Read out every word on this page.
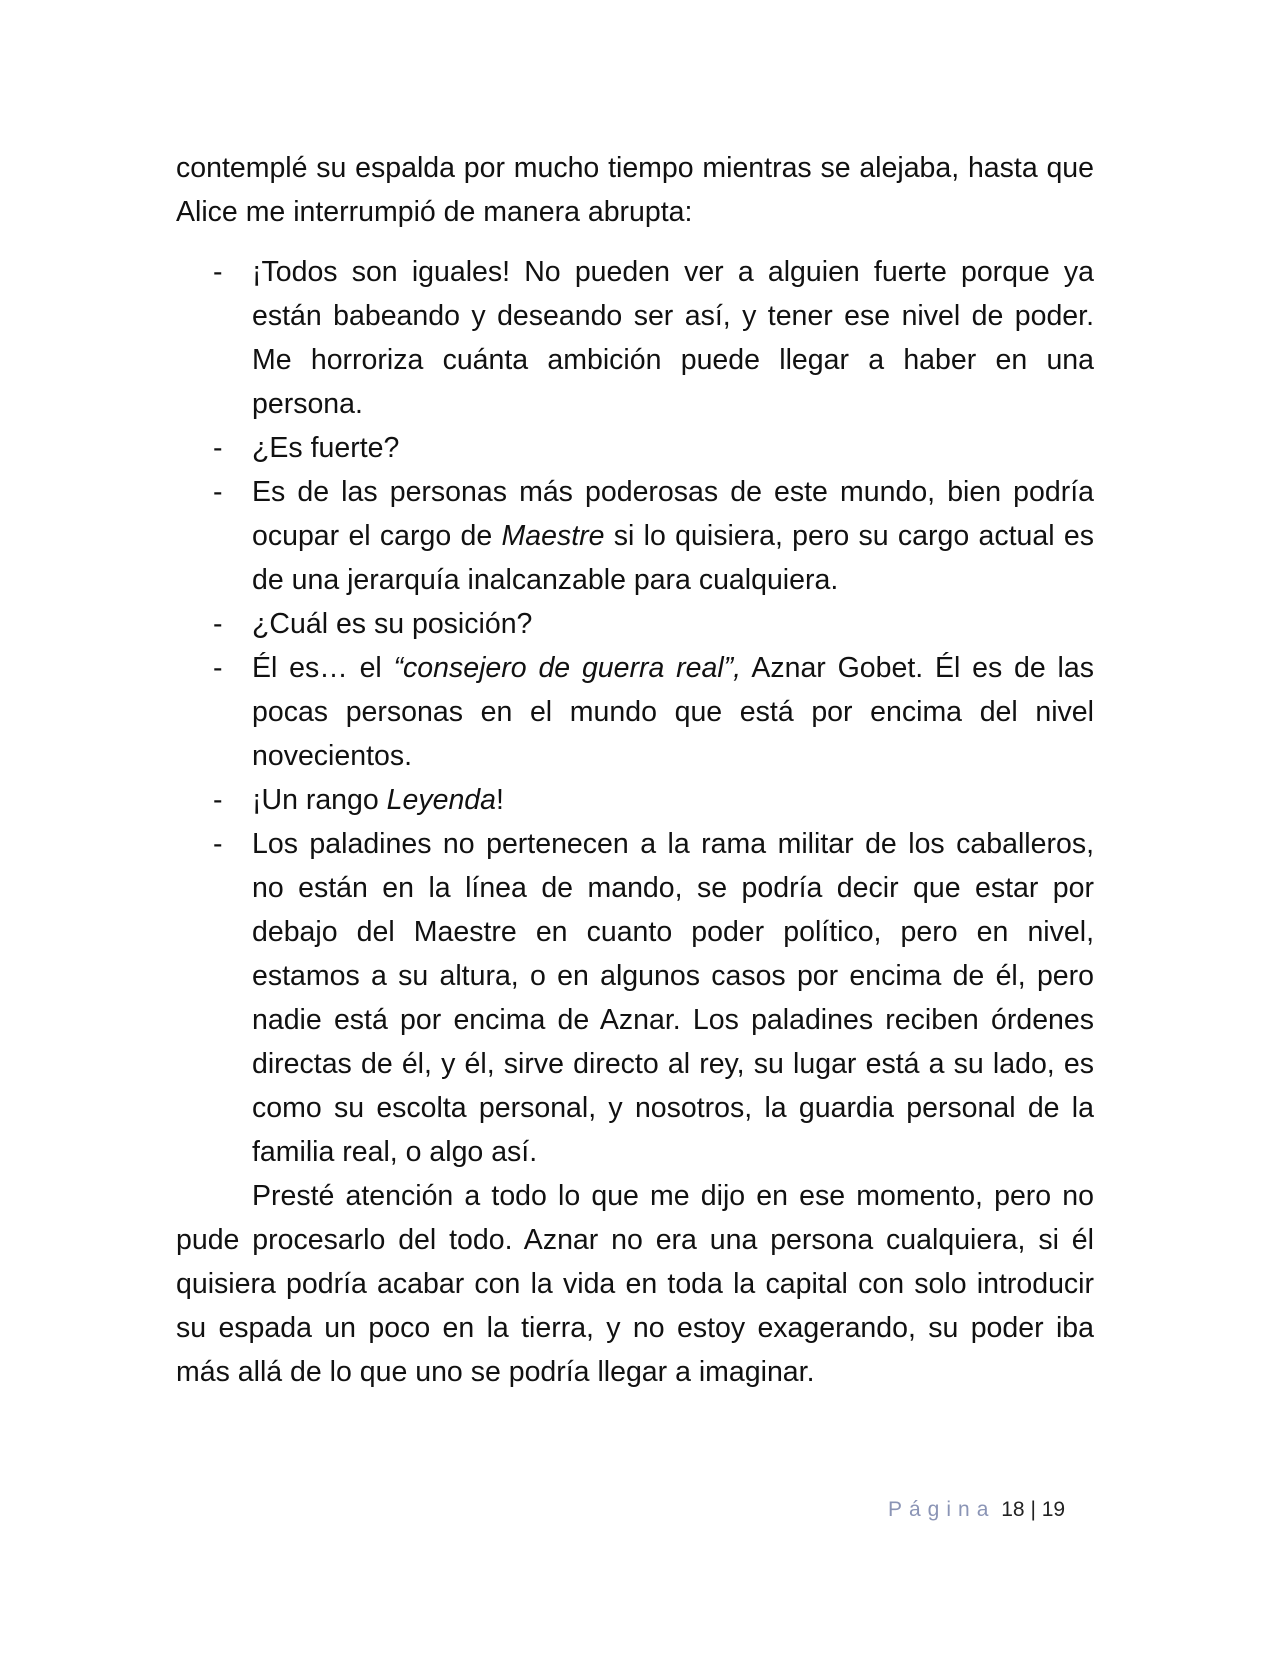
contemplé su espalda por mucho tiempo mientras se alejaba, hasta que Alice me interrumpió de manera abrupta:

- ¡Todos son iguales! No pueden ver a alguien fuerte porque ya están babeando y deseando ser así, y tener ese nivel de poder. Me horroriza cuánta ambición puede llegar a haber en una persona.
- ¿Es fuerte?
- Es de las personas más poderosas de este mundo, bien podría ocupar el cargo de Maestre si lo quisiera, pero su cargo actual es de una jerarquía inalcanzable para cualquiera.
- ¿Cuál es su posición?
- Él es… el “consejero de guerra real”, Aznar Gobet. Él es de las pocas personas en el mundo que está por encima del nivel novecientos.
- ¡Un rango Leyenda!
- Los paladines no pertenecen a la rama militar de los caballeros, no están en la línea de mando, se podría decir que estar por debajo del Maestre en cuanto poder político, pero en nivel, estamos a su altura, o en algunos casos por encima de él, pero nadie está por encima de Aznar. Los paladines reciben órdenes directas de él, y él, sirve directo al rey, su lugar está a su lado, es como su escolta personal, y nosotros, la guardia personal de la familia real, o algo así.

Presté atención a todo lo que me dijo en ese momento, pero no pude procesarlo del todo. Aznar no era una persona cualquiera, si él quisiera podría acabar con la vida en toda la capital con solo introducir su espada un poco en la tierra, y no estoy exagerando, su poder iba más allá de lo que uno se podría llegar a imaginar.

Página 18 | 19
